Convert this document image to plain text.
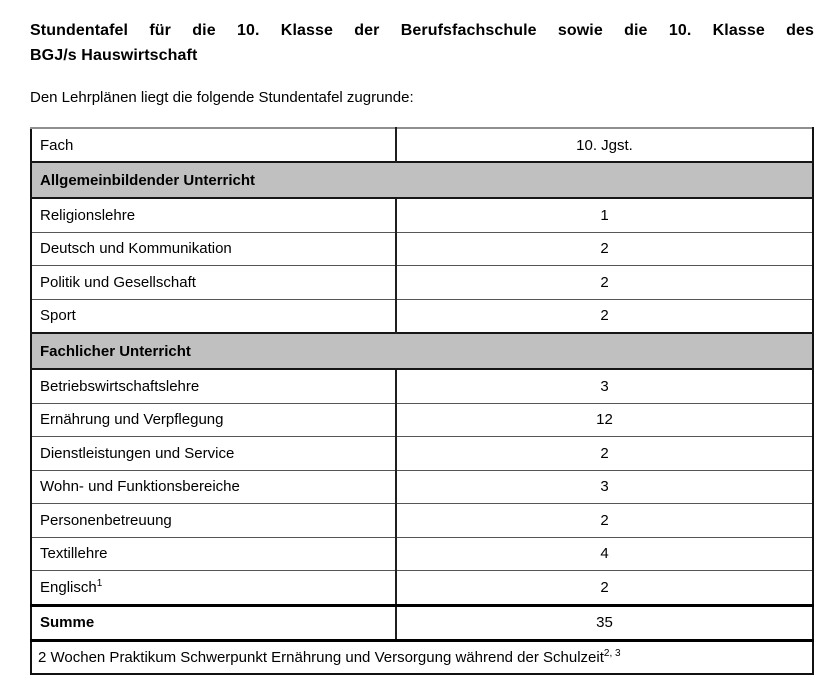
Stundentafel für die 10. Klasse der Berufsfachschule sowie die 10. Klasse des
BGJ/s Hauswirtschaft

Den Lehrplänen liegt die folgende Stundentafel zugrunde:

Fach	10. Jgst.
Allgemeinbildender Unterricht	
Religionslehre	1
Deutsch und Kommunikation	2
Politik und Gesellschaft	2
Sport	2
Fachlicher Unterricht	
Betriebswirtschaftslehre	3
Ernährung und Verpflegung	12
Dienstleistungen und Service	2
Wohn- und Funktionsbereiche	3
Personenbetreuung	2
Textillehre	4
Englisch$^1$	2
Summe	35
2 Wochen Praktikum Schwerpunkt Ernährung und Versorgung während der Schulzeit$^{2, 3}$
